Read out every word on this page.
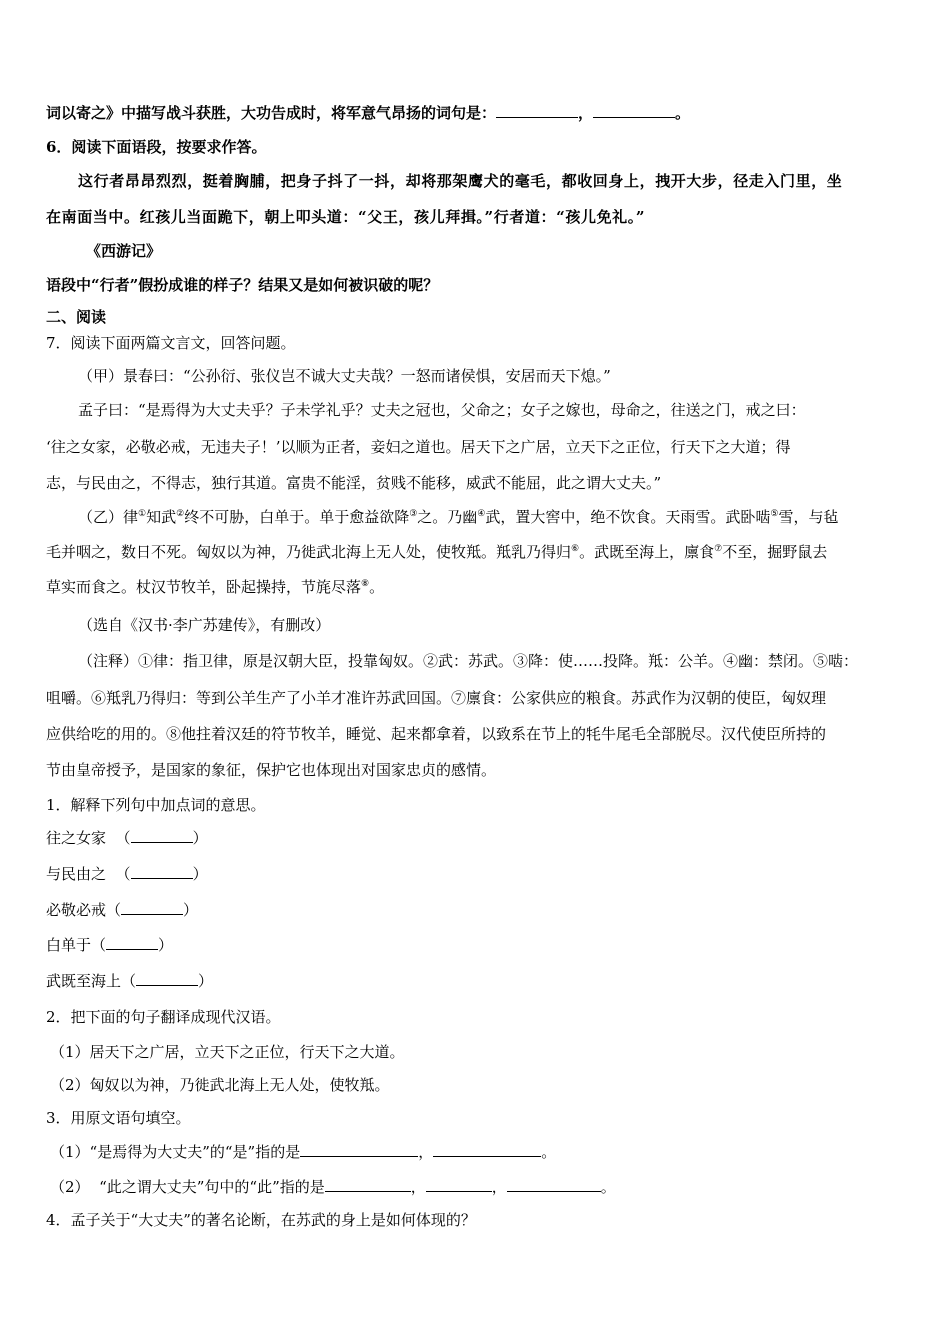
词以寄之》中描写战斗获胜，大功告成时，将军意气昂扬的词句是：	，	。
6．阅读下面语段，按要求作答。
这行者昂昂烈烈，挺着胸脯，把身子抖了一抖，却将那架鹰犬的毫毛，都收回身上，拽开大步，径走入门里，坐
在南面当中。红孩儿当面跪下，朝上叩头道：“父王，孩儿拜揖。”行者道：“孩儿免礼。”
《西游记》
语段中“行者”假扮成谁的样子？结果又是如何被识破的呢？
二、阅读
7．阅读下面两篇文言文，回答问题。
（甲）景春曰：“公孙衍、张仪岂不诚大丈夫哉？一怒而诸侯惧，安居而天下熄。”
孟子曰：“是焉得为大丈夫乎？子未学礼乎？丈夫之冠也，父命之；女子之嫁也，母命之，往送之门，戒之曰：
‘往之女家，必敬必戒，无违夫子！’以顺为正者，妾妇之道也。居天下之广居，立天下之正位，行天下之大道；得
志，与民由之，不得志，独行其道。富贵不能淫，贫贱不能移，威武不能屈，此之谓大丈夫。”
（乙）律①知武②终不可胁，白单于。单于愈益欲降③之。乃幽④武，置大窖中，绝不饮食。天雨雪。武卧啮⑤雪，与毡
毛并咽之，数日不死。匈奴以为神，乃徙武北海上无人处，使牧羝。羝乳乃得归⑥。武既至海上，廪食⑦不至，掘野鼠去
草实而食之。杖汉节牧羊，卧起操持，节旄尽落⑧。
（选自《汉书·李广苏建传》，有删改）
（注释）①律：指卫律，原是汉朝大臣，投靠匈奴。②武：苏武。③降：使……投降。羝：公羊。④幽：禁闭。⑤啮：
咀嚼。⑥羝乳乃得归：等到公羊生产了小羊才准许苏武回国。⑦廪食：公家供应的粮食。苏武作为汉朝的使臣，匈奴理
应供给吃的用的。⑧他拄着汉廷的符节牧羊，睡觉、起来都拿着，以致系在节上的牦牛尾毛全部脱尽。汉代使臣所持的
节由皇帝授予，是国家的象征，保护它也体现出对国家忠贞的感情。
1．解释下列句中加点词的意思。
往之女家  （	）
与民由之  （	）
必敬必戒（	）
白单于（	）
武既至海上（	）
2．把下面的句子翻译成现代汉语。
（1）居天下之广居，立天下之正位，行天下之大道。
（2）匈奴以为神，乃徙武北海上无人处，使牧羝。
3．用原文语句填空。
（1）“是焉得为大丈夫”的“是”指的是	，	。
（2）  “此之谓大丈夫”句中的“此”指的是	，	，	。
4．孟子关于“大丈夫”的著名论断，在苏武的身上是如何体现的？
